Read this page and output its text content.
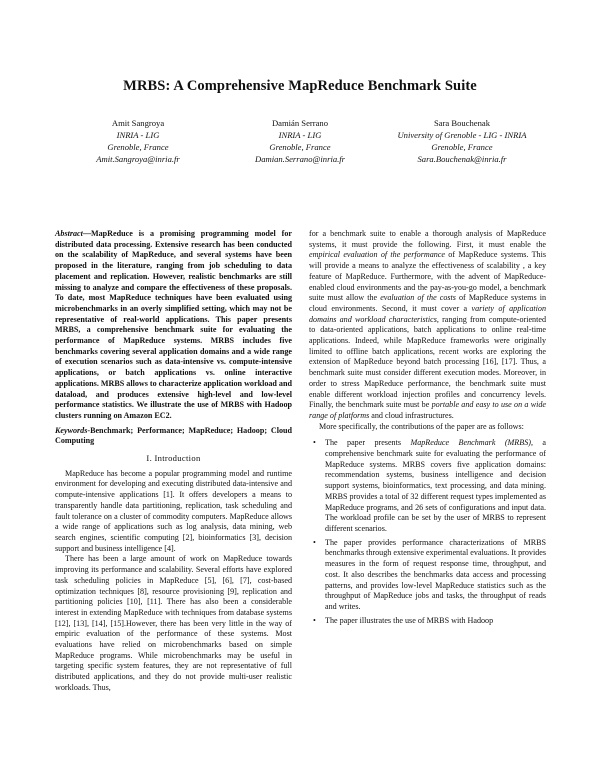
MRBS: A Comprehensive MapReduce Benchmark Suite
Amit Sangroya
INRIA - LIG
Grenoble, France
Amit.Sangroya@inria.fr
Damián Serrano
INRIA - LIG
Grenoble, France
Damian.Serrano@inria.fr
Sara Bouchenak
University of Grenoble - LIG - INRIA
Grenoble, France
Sara.Bouchenak@inria.fr

Abstract—MapReduce is a promising programming model for distributed data processing. Extensive research has been conducted on the scalability of MapReduce, and several systems have been proposed in the literature, ranging from job scheduling to data placement and replication. However, realistic benchmarks are still missing to analyze and compare the effectiveness of these proposals. To date, most MapReduce techniques have been evaluated using microbenchmarks in an overly simplified setting, which may not be representative of real-world applications. This paper presents MRBS, a comprehensive benchmark suite for evaluating the performance of MapReduce systems. MRBS includes five benchmarks covering several application domains and a wide range of execution scenarios such as data-intensive vs. compute-intensive applications, or batch applications vs. online interactive applications. MRBS allows to characterize application workload and dataload, and produces extensive high-level and low-level performance statistics. We illustrate the use of MRBS with Hadoop clusters running on Amazon EC2.

Keywords-Benchmark; Performance; MapReduce; Hadoop; Cloud Computing

I. Introduction

MapReduce has become a popular programming model and runtime environment for developing and executing distributed data-intensive and compute-intensive applications [1]. It offers developers a means to transparently handle data partitioning, replication, task scheduling and fault tolerance on a cluster of commodity computers. MapReduce allows a wide range of applications such as log analysis, data mining, web search engines, scientific computing [2], bioinformatics [3], decision support and business intelligence [4].

There has been a large amount of work on MapReduce towards improving its performance and scalability. Several efforts have explored task scheduling policies in MapReduce [5], [6], [7], cost-based optimization techniques [8], resource provisioning [9], replication and partitioning policies [10], [11]. There has also been a considerable interest in extending MapReduce with techniques from database systems [12], [13], [14], [15].However, there has been very little in the way of empiric evaluation of the performance of these systems. Most evaluations have relied on microbenchmarks based on simple MapReduce programs. While microbenchmarks may be useful in targeting specific system features, they are not representative of full distributed applications, and they do not provide multi-user realistic workloads. Thus,

for a benchmark suite to enable a thorough analysis of MapReduce systems, it must provide the following. First, it must enable the empirical evaluation of the performance of MapReduce systems. This will provide a means to analyze the effectiveness of scalability , a key feature of MapReduce. Furthermore, with the advent of MapReduce-enabled cloud environments and the pay-as-you-go model, a benchmark suite must allow the evaluation of the costs of MapReduce systems in cloud environments. Second, it must cover a variety of application domains and workload characteristics, ranging from compute-oriented to data-oriented applications, batch applications to online real-time applications. Indeed, while MapReduce frameworks were originally limited to offline batch applications, recent works are exploring the extension of MapReduce beyond batch processing [16], [17]. Thus, a benchmark suite must consider different execution modes. Moreover, in order to stress MapReduce performance, the benchmark suite must enable different workload injection profiles and concurrency levels. Finally, the benchmark suite must be portable and easy to use on a wide range of platforms and cloud infrastructures.

More specifically, the contributions of the paper are as follows:

• The paper presents MapReduce Benchmark (MRBS), a comprehensive benchmark suite for evaluating the performance of MapReduce systems. MRBS covers five application domains: recommendation systems, business intelligence and decision support systems, bioinformatics, text processing, and data mining. MRBS provides a total of 32 different request types implemented as MapReduce programs, and 26 sets of configurations and input data. The workload profile can be set by the user of MRBS to represent different scenarios.
• The paper provides performance characterizations of MRBS benchmarks through extensive experimental evaluations. It provides measures in the form of request response time, throughput, and cost. It also describes the benchmarks data access and processing patterns, and provides low-level MapReduce statistics such as the throughput of MapReduce jobs and tasks, the throughput of reads and writes.
• The paper illustrates the use of MRBS with Hadoop
